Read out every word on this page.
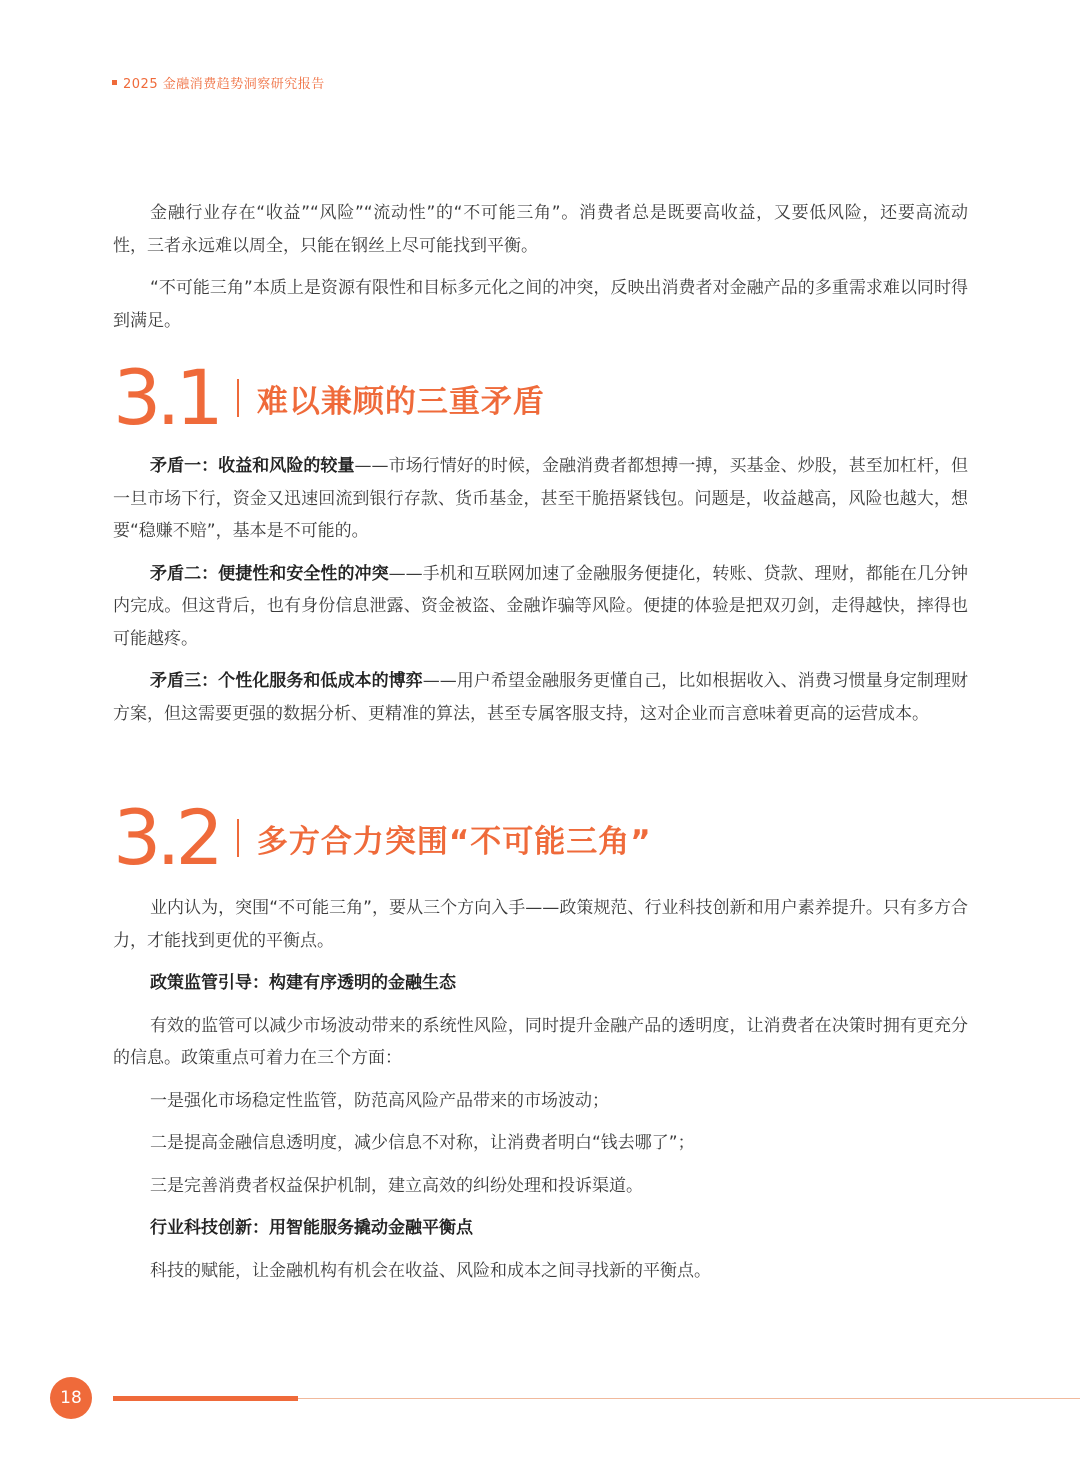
2025 金融消费趋势洞察研究报告

金融行业存在“收益”“风险”“流动性”的“不可能三角”。消费者总是既要高收益，又要低风险，还要高流动性，三者永远难以周全，只能在钢丝上尽可能找到平衡。

“不可能三角”本质上是资源有限性和目标多元化之间的冲突，反映出消费者对金融产品的多重需求难以同时得到满足。

3.1 难以兼顾的三重矛盾

矛盾一：收益和风险的较量——市场行情好的时候，金融消费者都想搏一搏，买基金、炒股，甚至加杠杆，但一旦市场下行，资金又迅速回流到银行存款、货币基金，甚至干脆捂紧钱包。问题是，收益越高，风险也越大，想要“稳赚不赔”，基本是不可能的。

矛盾二：便捷性和安全性的冲突——手机和互联网加速了金融服务便捷化，转账、贷款、理财，都能在几分钟内完成。但这背后，也有身份信息泄露、资金被盗、金融诈骗等风险。便捷的体验是把双刃剑，走得越快，摔得也可能越疼。

矛盾三：个性化服务和低成本的博弈——用户希望金融服务更懂自己，比如根据收入、消费习惯量身定制理财方案，但这需要更强的数据分析、更精准的算法，甚至专属客服支持，这对企业而言意味着更高的运营成本。

3.2 多方合力突围“不可能三角”

业内认为，突围“不可能三角”，要从三个方向入手——政策规范、行业科技创新和用户素养提升。只有多方合力，才能找到更优的平衡点。

政策监管引导：构建有序透明的金融生态

有效的监管可以减少市场波动带来的系统性风险，同时提升金融产品的透明度，让消费者在决策时拥有更充分的信息。政策重点可着力在三个方面：

一是强化市场稳定性监管，防范高风险产品带来的市场波动；

二是提高金融信息透明度，减少信息不对称，让消费者明白“钱去哪了”；

三是完善消费者权益保护机制，建立高效的纠纷处理和投诉渠道。

行业科技创新：用智能服务撬动金融平衡点

科技的赋能，让金融机构有机会在收益、风险和成本之间寻找新的平衡点。

18
